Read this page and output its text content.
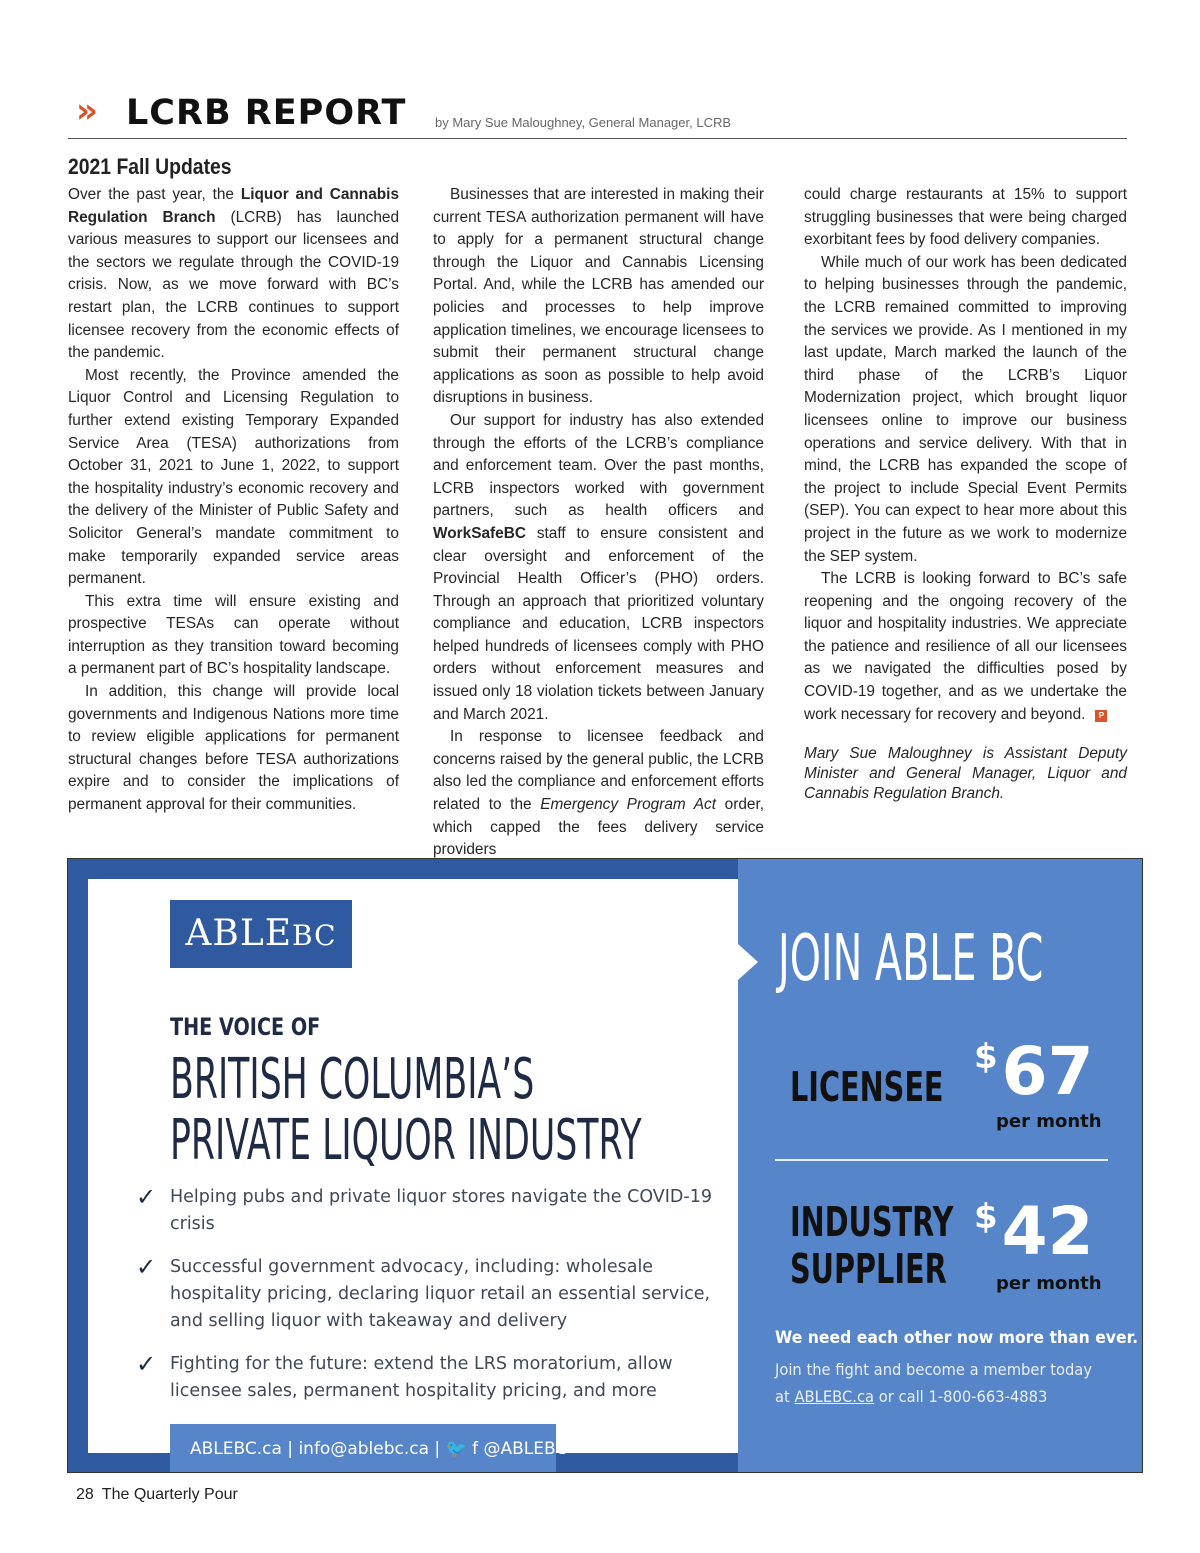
» LCRB REPORT by Mary Sue Maloughney, General Manager, LCRB
2021 Fall Updates

Over the past year, the Liquor and Cannabis Regulation Branch (LCRB) has launched various measures to support our licensees and the sectors we regulate through the COVID-19 crisis. Now, as we move forward with BC’s restart plan, the LCRB continues to support licensee recovery from the economic effects of the pandemic.

Most recently, the Province amended the Liquor Control and Licensing Regulation to further extend existing Temporary Expanded Service Area (TESA) authorizations from October 31, 2021 to June 1, 2022, to support the hospitality industry’s economic recovery and the delivery of the Minister of Public Safety and Solicitor General’s mandate commitment to make temporarily expanded service areas permanent.

This extra time will ensure existing and prospective TESAs can operate without interruption as they transition toward becoming a permanent part of BC’s hospitality landscape.

In addition, this change will provide local governments and Indigenous Nations more time to review eligible applications for permanent structural changes before TESA authorizations expire and to consider the implications of permanent approval for their communities.

Businesses that are interested in making their current TESA authorization permanent will have to apply for a permanent structural change through the Liquor and Cannabis Licensing Portal. And, while the LCRB has amended our policies and processes to help improve application timelines, we encourage licensees to submit their permanent structural change applications as soon as possible to help avoid disruptions in business.

Our support for industry has also extended through the efforts of the LCRB’s compliance and enforcement team. Over the past months, LCRB inspectors worked with government partners, such as health officers and WorkSafeBC staff to ensure consistent and clear oversight and enforcement of the Provincial Health Officer’s (PHO) orders. Through an approach that prioritized voluntary compliance and education, LCRB inspectors helped hundreds of licensees comply with PHO orders without enforcement measures and issued only 18 violation tickets between January and March 2021.

In response to licensee feedback and concerns raised by the general public, the LCRB also led the compliance and enforcement efforts related to the Emergency Program Act order, which capped the fees delivery service providers

could charge restaurants at 15% to support struggling businesses that were being charged exorbitant fees by food delivery companies.

While much of our work has been dedicated to helping businesses through the pandemic, the LCRB remained committed to improving the services we provide. As I mentioned in my last update, March marked the launch of the third phase of the LCRB’s Liquor Modernization project, which brought liquor licensees online to improve our business operations and service delivery. With that in mind, the LCRB has expanded the scope of the project to include Special Event Permits (SEP). You can expect to hear more about this project in the future as we work to modernize the SEP system.

The LCRB is looking forward to BC’s safe reopening and the ongoing recovery of the liquor and hospitality industries. We appreciate the patience and resilience of all our licensees as we navigated the difficulties posed by COVID-19 together, and as we undertake the work necessary for recovery and beyond. P

Mary Sue Maloughney is Assistant Deputy Minister and General Manager, Liquor and Cannabis Regulation Branch.

JOIN ABLE BC
LICENSEE
$67
per month
INDUSTRY
SUPPLIER
$42
per month
We need each other now more than ever.
Join the fight and become a member today
at ABLEBC.ca or call 1-800-663-4883
ABLEBC
THE VOICE OF
BRITISH COLUMBIA’S
PRIVATE LIQUOR INDUSTRY
✓ Helping pubs and private liquor stores navigate the COVID-19 crisis
✓ Successful government advocacy, including: wholesale hospitality pricing, declaring liquor retail an essential service, and selling liquor with takeaway and delivery
✓ Fighting for the future: extend the LRS moratorium, allow licensee sales, permanent hospitality pricing, and more
ABLEBC.ca | info@ablebc.ca | 🐦 f @ABLEBC
28 The Quarterly Pour
